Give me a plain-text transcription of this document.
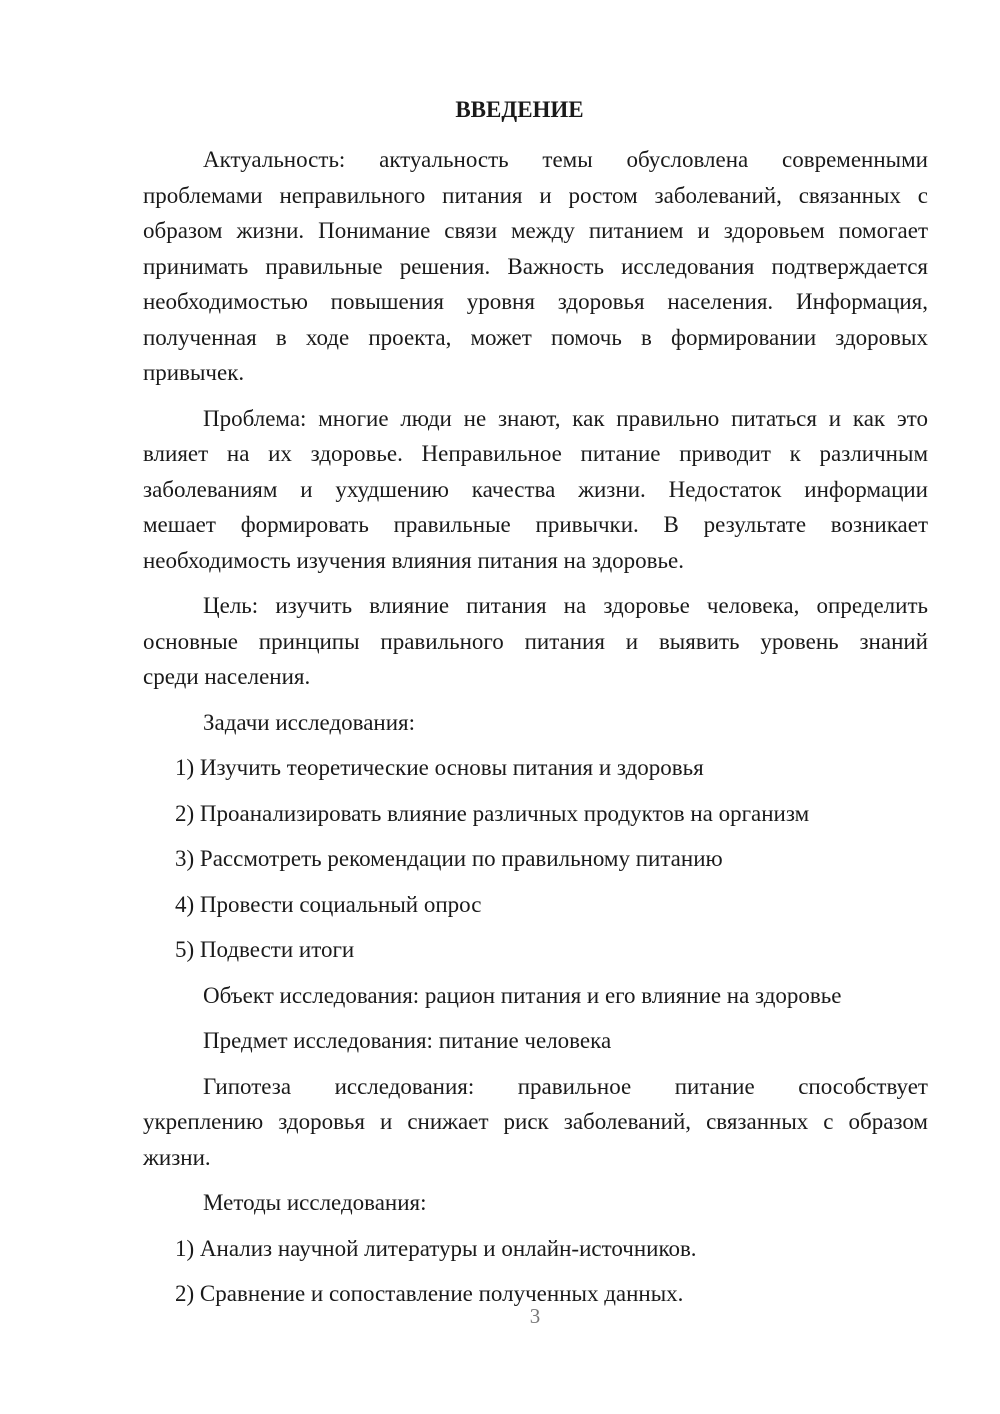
ВВЕДЕНИЕ
Актуальность: актуальность темы обусловлена современными
проблемами неправильного питания и ростом заболеваний, связанных с
образом жизни. Понимание связи между питанием и здоровьем помогает
принимать правильные решения. Важность исследования подтверждается
необходимостью повышения уровня здоровья населения. Информация,
полученная в ходе проекта, может помочь в формировании здоровых
привычек.
Проблема: многие люди не знают, как правильно питаться и как это
влияет на их здоровье. Неправильное питание приводит к различным
заболеваниям и ухудшению качества жизни. Недостаток информации
мешает формировать правильные привычки. В результате возникает
необходимость изучения влияния питания на здоровье.
Цель: изучить влияние питания на здоровье человека, определить
основные принципы правильного питания и выявить уровень знаний
среди населения.
Задачи исследования:
1) Изучить теоретические основы питания и здоровья
2) Проанализировать влияние различных продуктов на организм
3) Рассмотреть рекомендации по правильному питанию
4) Провести социальный опрос
5) Подвести итоги
Объект исследования: рацион питания и его влияние на здоровье
Предмет исследования: питание человека
Гипотеза исследования: правильное питание способствует
укреплению здоровья и снижает риск заболеваний, связанных с образом
жизни.
Методы исследования:
1) Анализ научной литературы и онлайн-источников.
2) Сравнение и сопоставление полученных данных.
3
